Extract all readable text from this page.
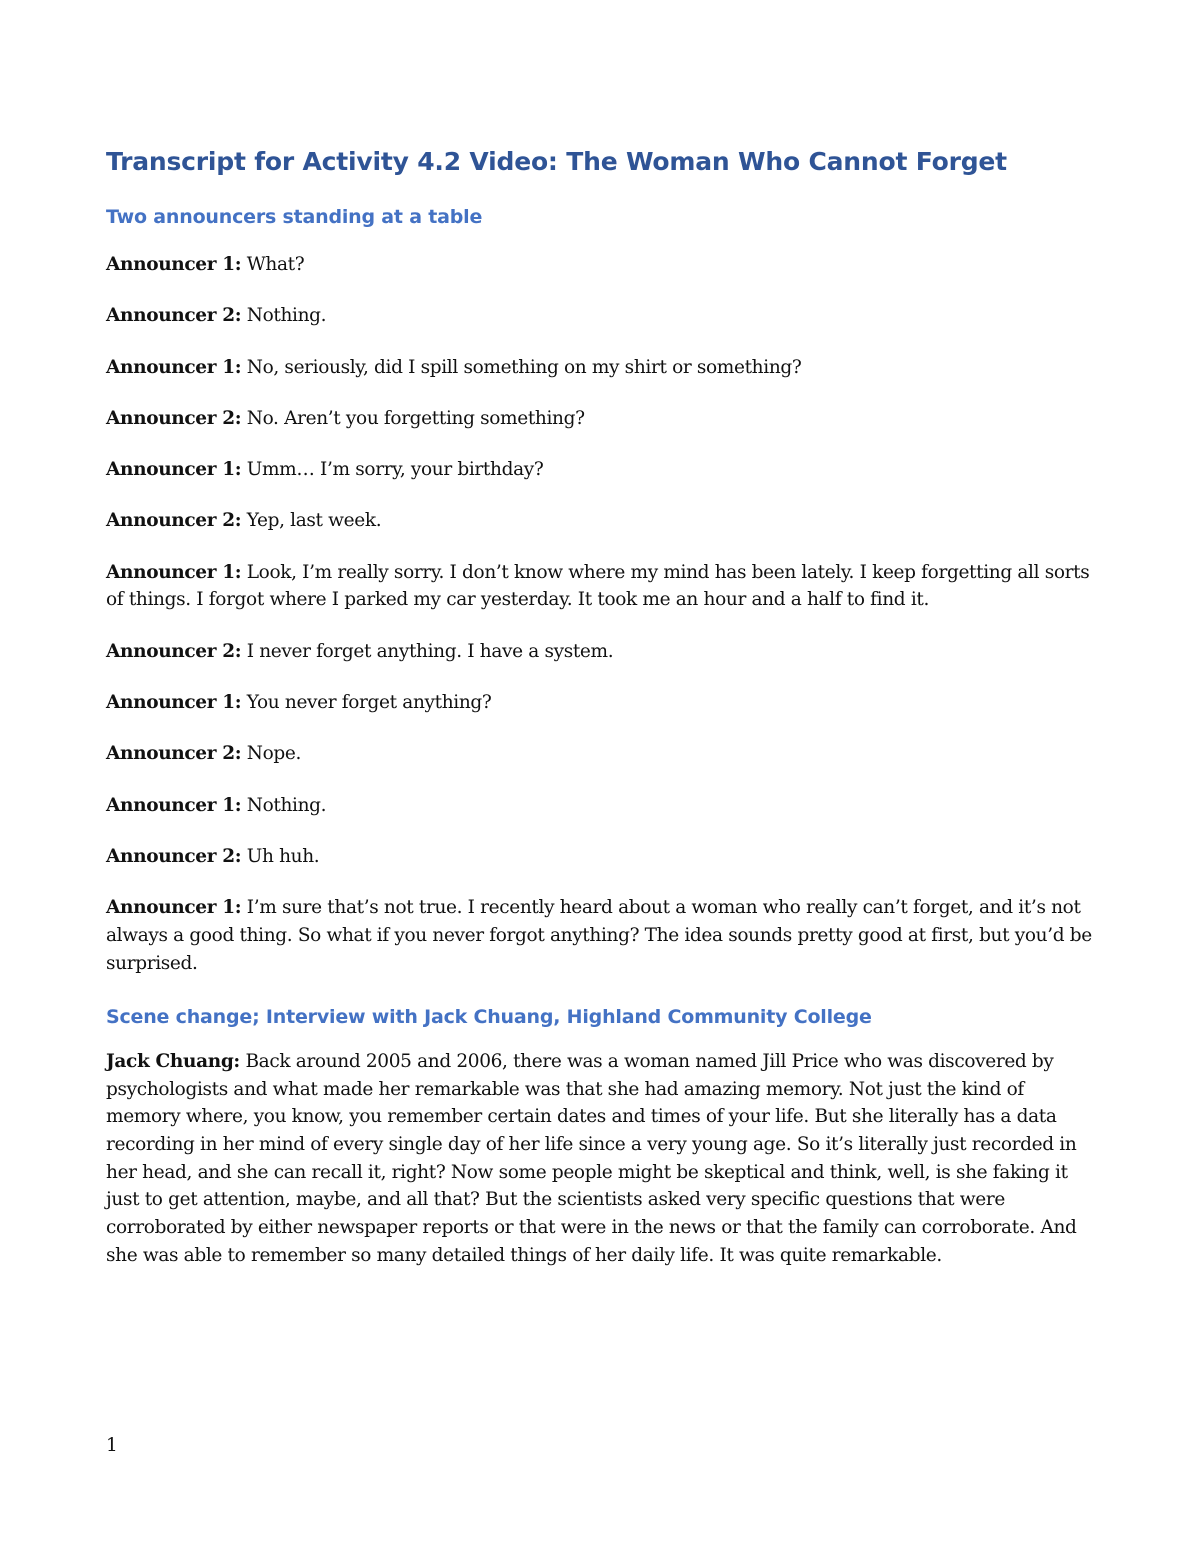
Transcript for Activity 4.2 Video: The Woman Who Cannot Forget
Two announcers standing at a table

Announcer 1: What?

Announcer 2: Nothing.

Announcer 1: No, seriously, did I spill something on my shirt or something?

Announcer 2: No. Aren’t you forgetting something?

Announcer 1: Umm… I’m sorry, your birthday?

Announcer 2: Yep, last week.

Announcer 1: Look, I’m really sorry. I don’t know where my mind has been lately. I keep forgetting all sorts of things. I forgot where I parked my car yesterday. It took me an hour and a half to find it.

Announcer 2: I never forget anything. I have a system.

Announcer 1: You never forget anything?

Announcer 2: Nope.

Announcer 1: Nothing.

Announcer 2: Uh huh.

Announcer 1: I’m sure that’s not true. I recently heard about a woman who really can’t forget, and it’s not always a good thing. So what if you never forgot anything? The idea sounds pretty good at first, but you’d be surprised.

Scene change; Interview with Jack Chuang, Highland Community College

Jack Chuang: Back around 2005 and 2006, there was a woman named Jill Price who was discovered by psychologists and what made her remarkable was that she had amazing memory. Not just the kind of memory where, you know, you remember certain dates and times of your life. But she literally has a data recording in her mind of every single day of her life since a very young age. So it’s literally just recorded in her head, and she can recall it, right? Now some people might be skeptical and think, well, is she faking it just to get attention, maybe, and all that? But the scientists asked very specific questions that were corroborated by either newspaper reports or that were in the news or that the family can corroborate. And she was able to remember so many detailed things of her daily life. It was quite remarkable.

1
